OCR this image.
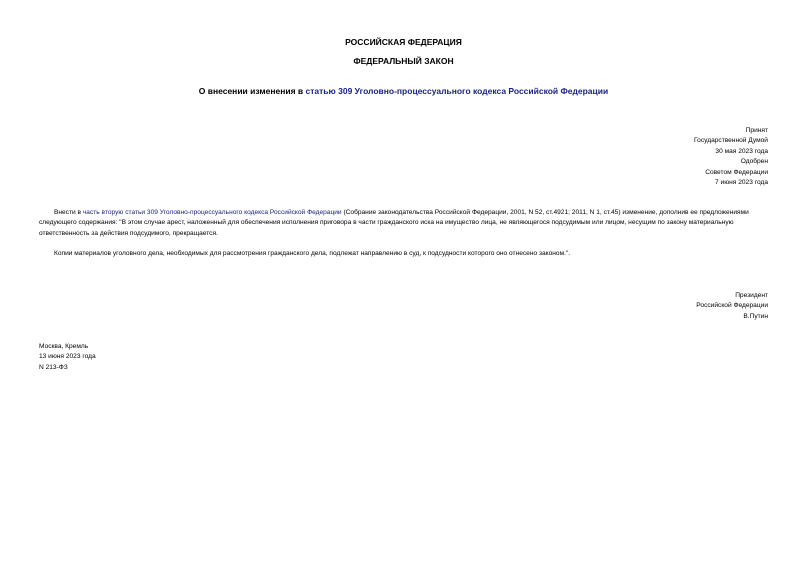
РОССИЙСКАЯ ФЕДЕРАЦИЯ
ФЕДЕРАЛЬНЫЙ ЗАКОН
О внесении изменения в статью 309 Уголовно-процессуального кодекса Российской Федерации
Принят
Государственной Думой
30 мая 2023 года
Одобрен
Советом Федерации
7 июня 2023 года
Внести в часть вторую статьи 309 Уголовно-процессуального кодекса Российской Федерации (Собрание законодательства Российской Федерации, 2001, N 52, ст.4921; 2011, N 1, ст.45) изменение, дополнив ее предложениями следующего содержания: "В этом случае арест, наложенный для обеспечения исполнения приговора в части гражданского иска на имущество лица, не являющегося подсудимым или лицом, несущим по закону материальную ответственность за действия подсудимого, прекращается.
Копии материалов уголовного дела, необходимых для рассмотрения гражданского дела, подлежат направлению в суд, к подсудности которого оно отнесено законом.".
Президент
Российской Федерации
В.Путин
Москва, Кремль
13 июня 2023 года
N 213-ФЗ
